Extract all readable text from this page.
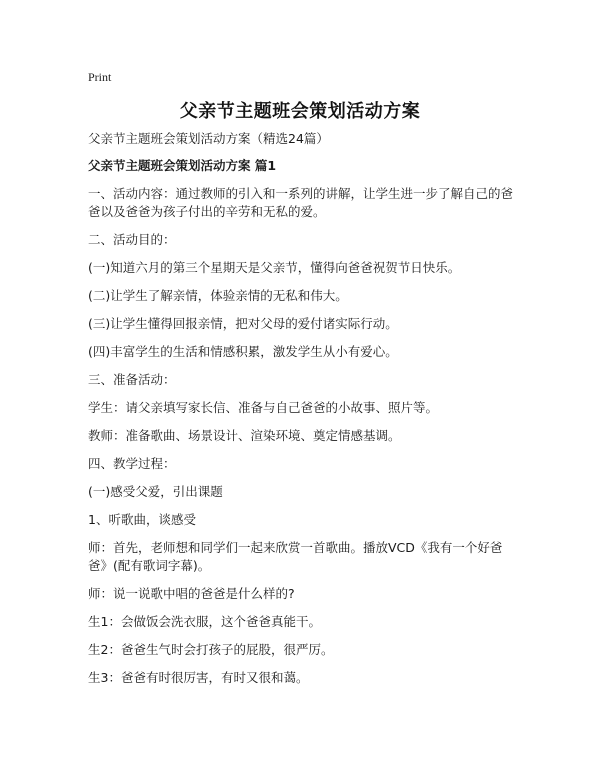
Print
父亲节主题班会策划活动方案

父亲节主题班会策划活动方案（精选24篇）

父亲节主题班会策划活动方案 篇1

一、活动内容：通过教师的引入和一系列的讲解，让学生进一步了解自己的爸爸以及爸爸为孩子付出的辛劳和无私的爱。

二、活动目的：

(一)知道六月的第三个星期天是父亲节，懂得向爸爸祝贺节日快乐。

(二)让学生了解亲情，体验亲情的无私和伟大。

(三)让学生懂得回报亲情，把对父母的爱付诸实际行动。

(四)丰富学生的生活和情感积累，激发学生从小有爱心。

三、准备活动：

学生：请父亲填写家长信、准备与自己爸爸的小故事、照片等。

教师：准备歌曲、场景设计、渲染环境、奠定情感基调。

四、教学过程：

(一)感受父爱，引出课题

1、听歌曲，谈感受

师：首先，老师想和同学们一起来欣赏一首歌曲。播放VCD《我有一个好爸爸》(配有歌词字幕)。

师：说一说歌中唱的爸爸是什么样的?

生1：会做饭会洗衣服，这个爸爸真能干。

生2：爸爸生气时会打孩子的屁股，很严厉。

生3：爸爸有时很厉害，有时又很和蔼。
